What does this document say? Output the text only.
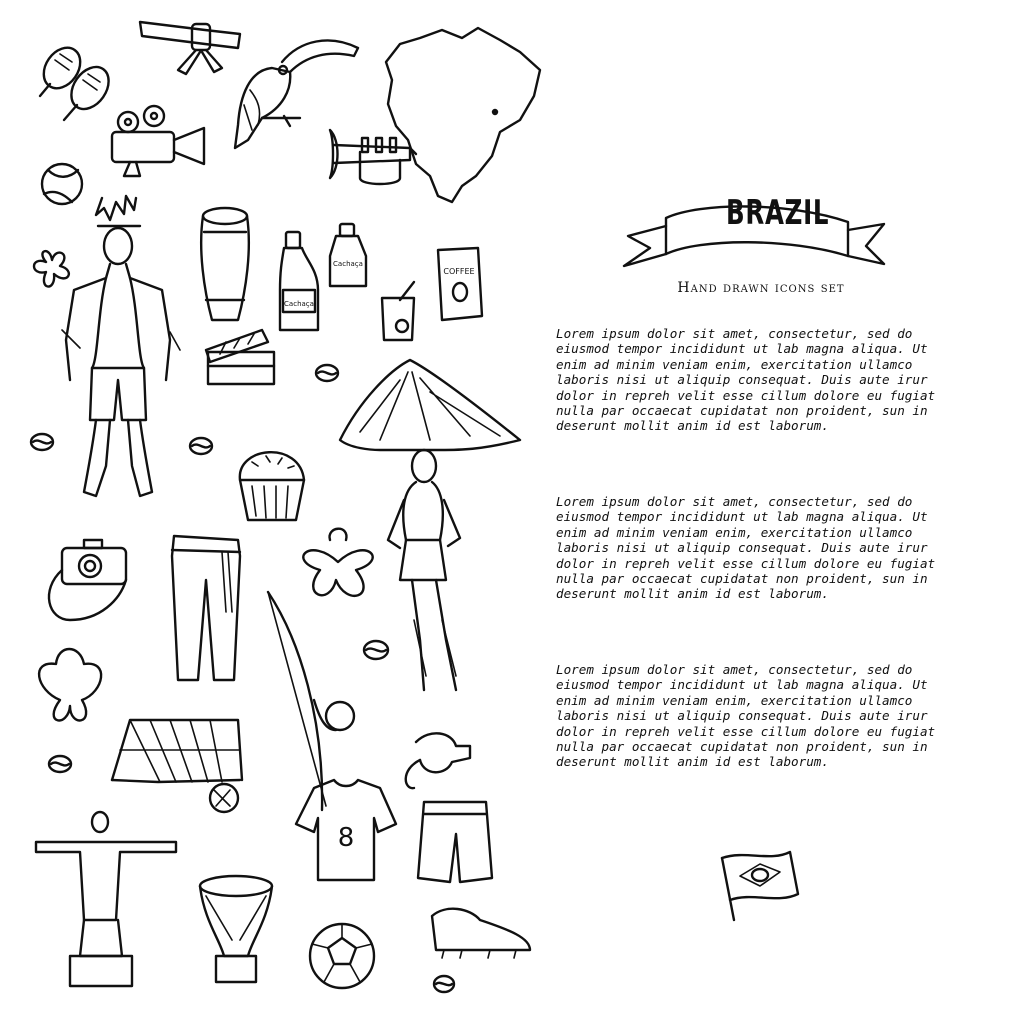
Cachaça
Cachaça
COFFEE
8
BRAZIL
Hand drawn icons set

Lorem ipsum dolor sit amet, consectetur, sed do eiusmod tempor incididunt ut lab magna aliqua. Ut enim ad minim veniam enim, exercitation ullamco laboris nisi ut aliquip consequat. Duis aute irur dolor in repreh velit esse cillum dolore eu fugiat nulla par occaecat cupidatat non proident, sun in deserunt mollit anim id est laborum.

Lorem ipsum dolor sit amet, consectetur, sed do eiusmod tempor incididunt ut lab magna aliqua. Ut enim ad minim veniam enim, exercitation ullamco laboris nisi ut aliquip consequat. Duis aute irur dolor in repreh velit esse cillum dolore eu fugiat nulla par occaecat cupidatat non proident, sun in deserunt mollit anim id est laborum.

Lorem ipsum dolor sit amet, consectetur, sed do eiusmod tempor incididunt ut lab magna aliqua. Ut enim ad minim veniam enim, exercitation ullamco laboris nisi ut aliquip consequat. Duis aute irur dolor in repreh velit esse cillum dolore eu fugiat nulla par occaecat cupidatat non proident, sun in deserunt mollit anim id est laborum.
